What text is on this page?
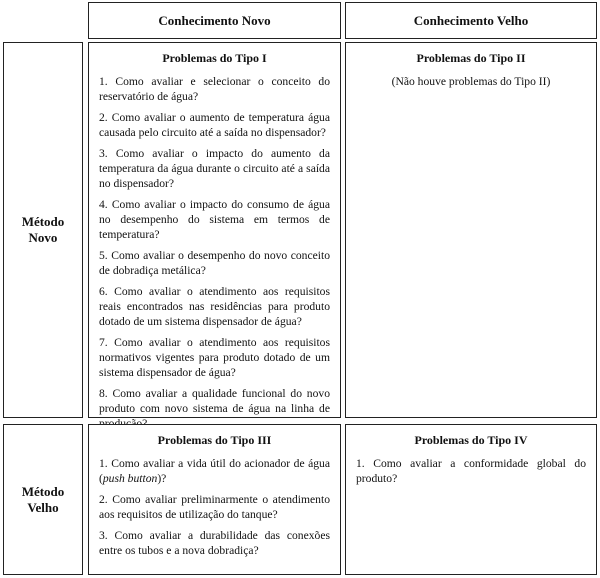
Conhecimento Novo	Conhecimento Velho
Método
Novo
Problemas do Tipo I
1. Como avaliar e selecionar o conceito do reservatório de água?
2. Como avaliar o aumento de temperatura água causada pelo circuito até a saída no dispensador?
3. Como avaliar o impacto do aumento da temperatura da água durante o circuito até a saída no dispensador?
4. Como avaliar o impacto do consumo de água no desempenho do sistema em termos de temperatura?
5. Como avaliar o desempenho do novo conceito de dobradiça metálica?
6. Como avaliar o atendimento aos requisitos reais encontrados nas residências para produto dotado de um sistema dispensador de água?
7. Como avaliar o atendimento aos requisitos normativos vigentes para produto dotado de um sistema dispensador de água?
8. Como avaliar a qualidade funcional do novo produto com novo sistema de água na linha de
Problemas do Tipo II
(Não houve problemas do Tipo II)
Método
Velho
Problemas do Tipo III
1. Como avaliar a vida útil do acionador de água (push button)?
2. Como avaliar preliminarmente o atendimento aos requisitos de utilização do tanque?
3. Como avaliar a durabilidade das conexões entre os tubos e a nova dobradiça?
Problemas do Tipo IV
1. Como avaliar a conformidade global do produto?
